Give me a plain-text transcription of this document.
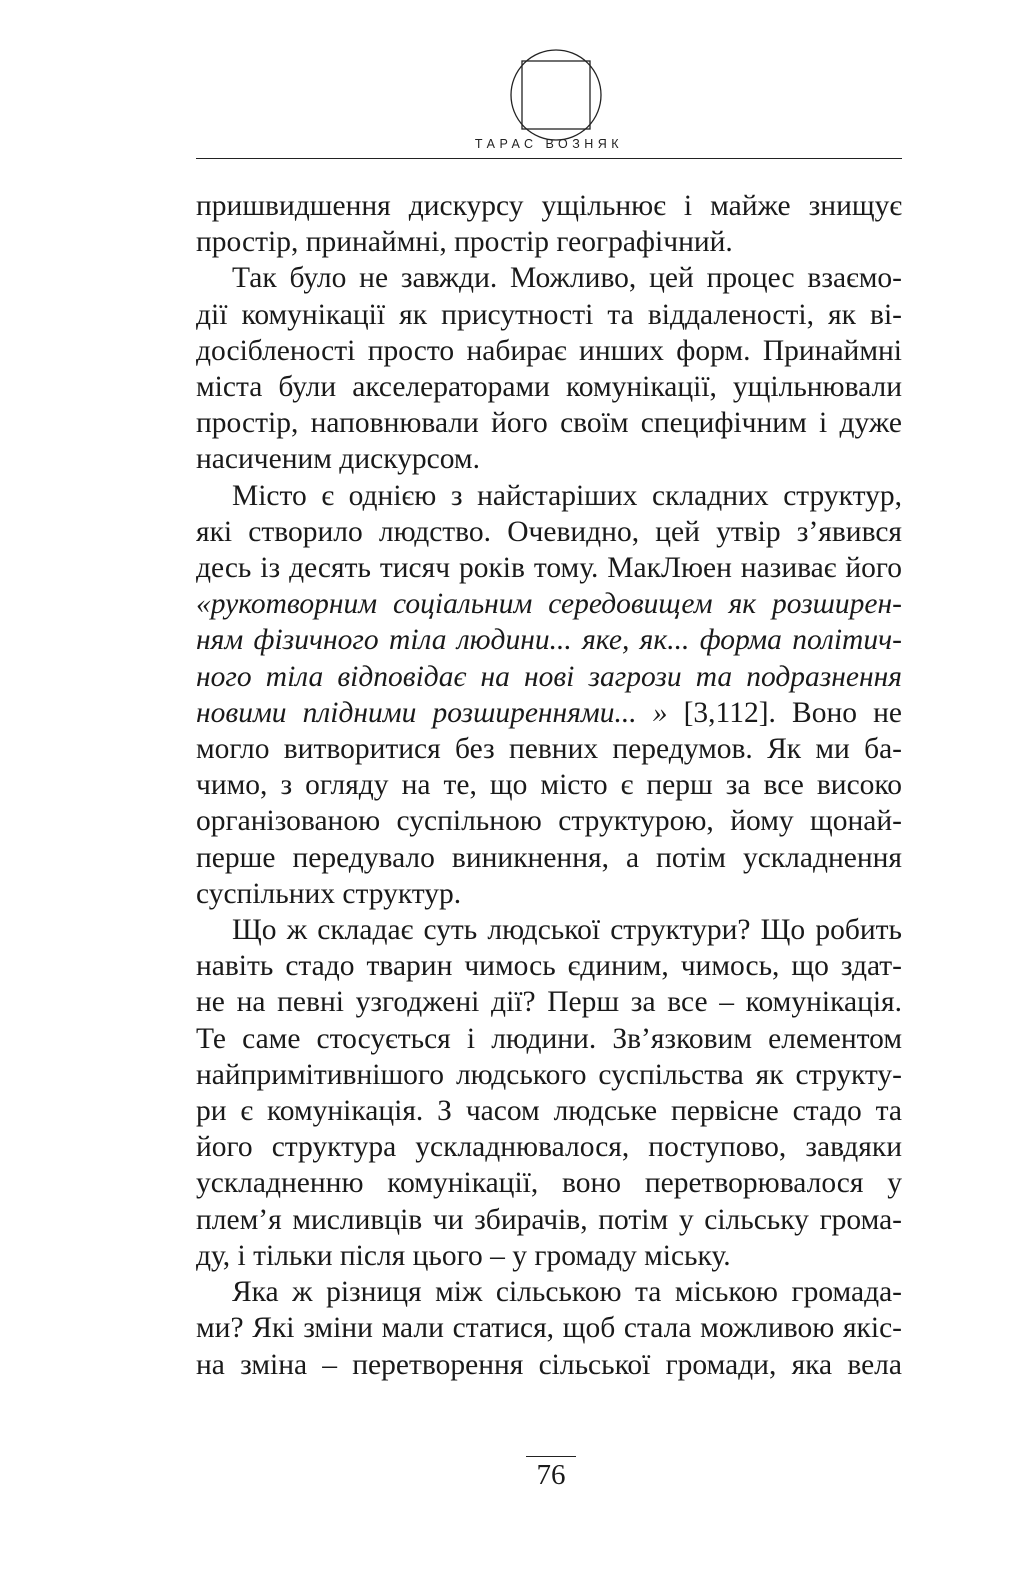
ТАРАС ВОЗНЯК

пришвидшення дискурсу ущільнює і майже знищує
простір, принаймні, простір географічний.

Так було не завжди. Можливо, цей процес взаємо-
дії комунікації як присутності та віддаленості, як ві-
досібленості просто набирає инших форм. Принаймні
міста були акселераторами комунікації, ущільнювали
простір, наповнювали його своїм специфічним і дуже
насиченим дискурсом.

Місто є однією з найстаріших складних структур,
які створило людство. Очевидно, цей утвір з’явився
десь із десять тисяч років тому. МакЛюен називає його
«рукотворним соціальним середовищем як розширен-
ням фізичного тіла людини... яке, як... форма політич-
ного тіла відповідає на нові загрози та подразнення
новими плідними розширеннями... » [3,112]. Воно не
могло витворитися без певних передумов. Як ми ба-
чимо, з огляду на те, що місто є перш за все високо
організованою суспільною структурою, йому щонай-
перше передувало виникнення, а потім ускладнення
суспільних структур.

Що ж складає суть людської структури? Що робить
навіть стадо тварин чимось єдиним, чимось, що здат-
не на певні узгоджені дії? Перш за все – комунікація.
Те саме стосується і людини. Зв’язковим елементом
найпримітивнішого людського суспільства як структу-
ри є комунікація. З часом людське первісне стадо та
його структура ускладнювалося, поступово, завдяки
ускладненню комунікації, воно перетворювалося у
плем’я мисливців чи збирачів, потім у сільську грома-
ду, і тільки після цього – у громаду міську.

Яка ж різниця між сільською та міською громада-
ми? Які зміни мали статися, щоб стала можливою якіс-
на зміна – перетворення сільської громади, яка вела

76
